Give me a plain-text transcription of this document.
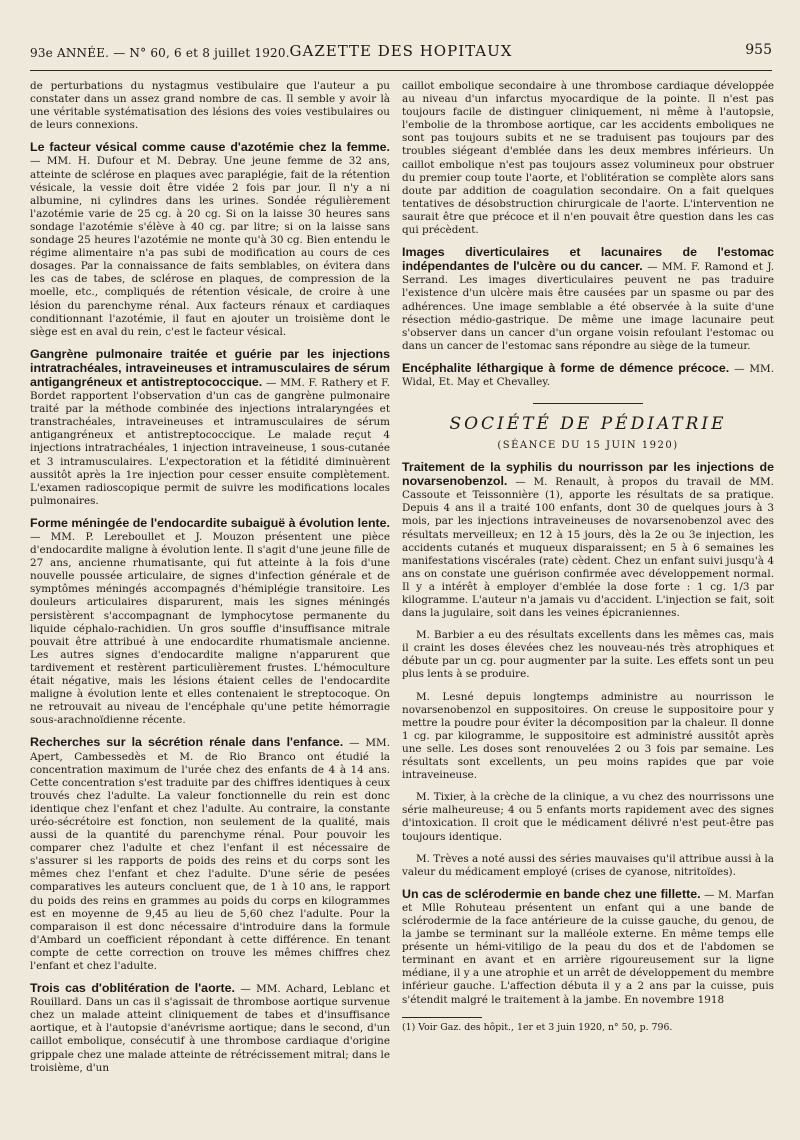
93e ANNÉE. — N° 60, 6 et 8 juillet 1920. GAZETTE DES HOPITAUX	955
de perturbations du nystagmus vestibulaire que l'auteur a pu constater dans un assez grand nombre de cas. Il semble y avoir là une véritable systématisation des lésions des voies vestibulaires ou de leurs connexions.
Le facteur vésical comme cause d'azotémie chez la femme. — MM. H. Dufour et M. Debray. Une jeune femme de 32 ans, atteinte de sclérose en plaques avec paraplégie, fait de la rétention vésicale, la vessie doit être vidée 2 fois par jour. Il n'y a ni albumine, ni cylindres dans les urines. Sondée régulièrement l'azotémie varie de 25 cg. à 20 cg. Si on la laisse 30 heures sans sondage l'azotémie s'élève à 40 cg. par litre; si on la laisse sans sondage 25 heures l'azotémie ne monte qu'à 30 cg. Bien entendu le régime alimentaire n'a pas subi de modification au cours de ces dosages. Par la connaissance de faits semblables, on évitera dans les cas de tabes, de sclérose en plaques, de compression de la moelle, etc., compliqués de rétention vésicale, de croire à une lésion du parenchyme rénal. Aux facteurs rénaux et cardiaques conditionnant l'azotémie, il faut en ajouter un troisième dont le siège est en aval du rein, c'est le facteur vésical.
Gangrène pulmonaire traitée et guérie par les injections intratrachéales, intraveineuses et intramusculaires de sérum antigangréneux et antistreptococcique. — MM. F. Rathery et F. Bordet rapportent l'observation d'un cas de gangrène pulmonaire traité par la méthode combinée des injections intralaryngées et transtrachéales, intraveineuses et intramusculaires de sérum antigangréneux et antistreptococcique. Le malade reçut 4 injections intratrachéales, 1 injection intraveineuse, 1 sous-cutanée et 3 intramusculaires. L'expectoration et la fétidité diminuèrent aussitôt après la 1re injection pour cesser ensuite complètement. L'examen radioscopique permit de suivre les modifications locales pulmonaires.
Forme méningée de l'endocardite subaiguë à évolution lente. — MM. P. Lereboullet et J. Mouzon présentent une pièce d'endocardite maligne à évolution lente. Il s'agit d'une jeune fille de 27 ans, ancienne rhumatisante, qui fut atteinte à la fois d'une nouvelle poussée articulaire, de signes d'infection générale et de symptômes méningés accompagnés d'hémiplégie transitoire. Les douleurs articulaires disparurent, mais les signes méningés persistèrent s'accompagnant de lymphocytose permanente du liquide céphalo-rachidien. Un gros souffle d'insuffisance mitrale pouvait être attribué à une endocardite rhumatismale ancienne. Les autres signes d'endocardite maligne n'apparurent que tardivement et restèrent particulièrement frustes. L'hémoculture était négative, mais les lésions étaient celles de l'endocardite maligne à évolution lente et elles contenaient le streptocoque. On ne retrouvait au niveau de l'encéphale qu'une petite hémorragie sous-arachnoïdienne récente.
Recherches sur la sécrétion rénale dans l'enfance. — MM. Apert, Cambessedès et M. de Rio Branco ont étudié la concentration maximum de l'urée chez des enfants de 4 à 14 ans. Cette concentration s'est traduite par des chiffres identiques à ceux trouvés chez l'adulte. La valeur fonctionnelle du rein est donc identique chez l'enfant et chez l'adulte. Au contraire, la constante uréo-sécrétoire est fonction, non seulement de la qualité, mais aussi de la quantité du parenchyme rénal. Pour pouvoir les comparer chez l'adulte et chez l'enfant il est nécessaire de s'assurer si les rapports de poids des reins et du corps sont les mêmes chez l'enfant et chez l'adulte. D'une série de pesées comparatives les auteurs concluent que, de 1 à 10 ans, le rapport du poids des reins en grammes au poids du corps en kilogrammes est en moyenne de 9,45 au lieu de 5,60 chez l'adulte. Pour la comparaison il est donc nécessaire d'introduire dans la formule d'Ambard un coefficient répondant à cette différence. En tenant compte de cette correction on trouve les mêmes chiffres chez l'enfant et chez l'adulte.
Trois cas d'oblitération de l'aorte. — MM. Achard, Leblanc et Rouillard. Dans un cas il s'agissait de thrombose aortique survenue chez un malade atteint cliniquement de tabes et d'insuffisance aortique, et à l'autopsie d'anévrisme aortique; dans le second, d'un caillot embolique, consécutif à une thrombose cardiaque d'origine grippale chez une malade atteinte de rétrécissement mitral; dans le troisième, d'un
caillot embolique secondaire à une thrombose cardiaque développée au niveau d'un infarctus myocardique de la pointe. Il n'est pas toujours facile de distinguer cliniquement, ni même à l'autopsie, l'embolie de la thrombose aortique, car les accidents emboliques ne sont pas toujours subits et ne se traduisent pas toujours par des troubles siégeant d'emblée dans les deux membres inférieurs. Un caillot embolique n'est pas toujours assez volumineux pour obstruer du premier coup toute l'aorte, et l'oblitération se complète alors sans doute par addition de coagulation secondaire. On a fait quelques tentatives de désobstruction chirurgicale de l'aorte. L'intervention ne saurait être que précoce et il n'en pouvait être question dans les cas qui précèdent.
Images diverticulaires et lacunaires de l'estomac indépendantes de l'ulcère ou du cancer. — MM. F. Ramond et J. Serrand. Les images diverticulaires peuvent ne pas traduire l'existence d'un ulcère mais être causées par un spasme ou par des adhérences. Une image semblable a été observée à la suite d'une résection médio-gastrique. De même une image lacunaire peut s'observer dans un cancer d'un organe voisin refoulant l'estomac ou dans un cancer de l'estomac sans répondre au siège de la tumeur.
Encéphalite léthargique à forme de démence précoce. — MM. Widal, Et. May et Chevalley.
SOCIÉTÉ DE PÉDIATRIE
(SÉANCE DU 15 JUIN 1920)
Traitement de la syphilis du nourrisson par les injections de novarsenobenzol. — M. Renault, à propos du travail de MM. Cassoute et Teissonnière (1), apporte les résultats de sa pratique. Depuis 4 ans il a traité 100 enfants, dont 30 de quelques jours à 3 mois, par les injections intraveineuses de novarsenobenzol avec des résultats merveilleux; en 12 à 15 jours, dès la 2e ou 3e injection, les accidents cutanés et muqueux disparaissent; en 5 à 6 semaines les manifestations viscérales (rate) cèdent. Chez un enfant suivi jusqu'à 4 ans on constate une guérison confirmée avec développement normal. Il y a intérêt à employer d'emblée la dose forte : 1 cg. 1/3 par kilogramme. L'auteur n'a jamais vu d'accident. L'injection se fait, soit dans la jugulaire, soit dans les veines épicraniennes.
M. Barbier a eu des résultats excellents dans les mêmes cas, mais il craint les doses élevées chez les nouveau-nés très atrophiques et débute par un cg. pour augmenter par la suite. Les effets sont un peu plus lents à se produire.
M. Lesné depuis longtemps administre au nourrisson le novarsenobenzol en suppositoires. On creuse le suppositoire pour y mettre la poudre pour éviter la décomposition par la chaleur. Il donne 1 cg. par kilogramme, le suppositoire est administré aussitôt après une selle. Les doses sont renouvelées 2 ou 3 fois par semaine. Les résultats sont excellents, un peu moins rapides que par voie intraveineuse.
M. Tixier, à la crèche de la clinique, a vu chez des nourrissons une série malheureuse; 4 ou 5 enfants morts rapidement avec des signes d'intoxication. Il croit que le médicament délivré n'est peut-être pas toujours identique.
M. Trèves a noté aussi des séries mauvaises qu'il attribue aussi à la valeur du médicament employé (crises de cyanose, nitritoïdes).
Un cas de sclérodermie en bande chez une fillette. — M. Marfan et Mlle Rohuteau présentent un enfant qui a une bande de sclérodermie de la face antérieure de la cuisse gauche, du genou, de la jambe se terminant sur la malléole externe. En même temps elle présente un hémi-vitiligo de la peau du dos et de l'abdomen se terminant en avant et en arrière rigoureusement sur la ligne médiane, il y a une atrophie et un arrêt de développement du membre inférieur gauche. L'affection débuta il y a 2 ans par la cuisse, puis s'étendit malgré le traitement à la jambe. En novembre 1918
(1) Voir Gaz. des hôpit., 1er et 3 juin 1920, n° 50, p. 796.
